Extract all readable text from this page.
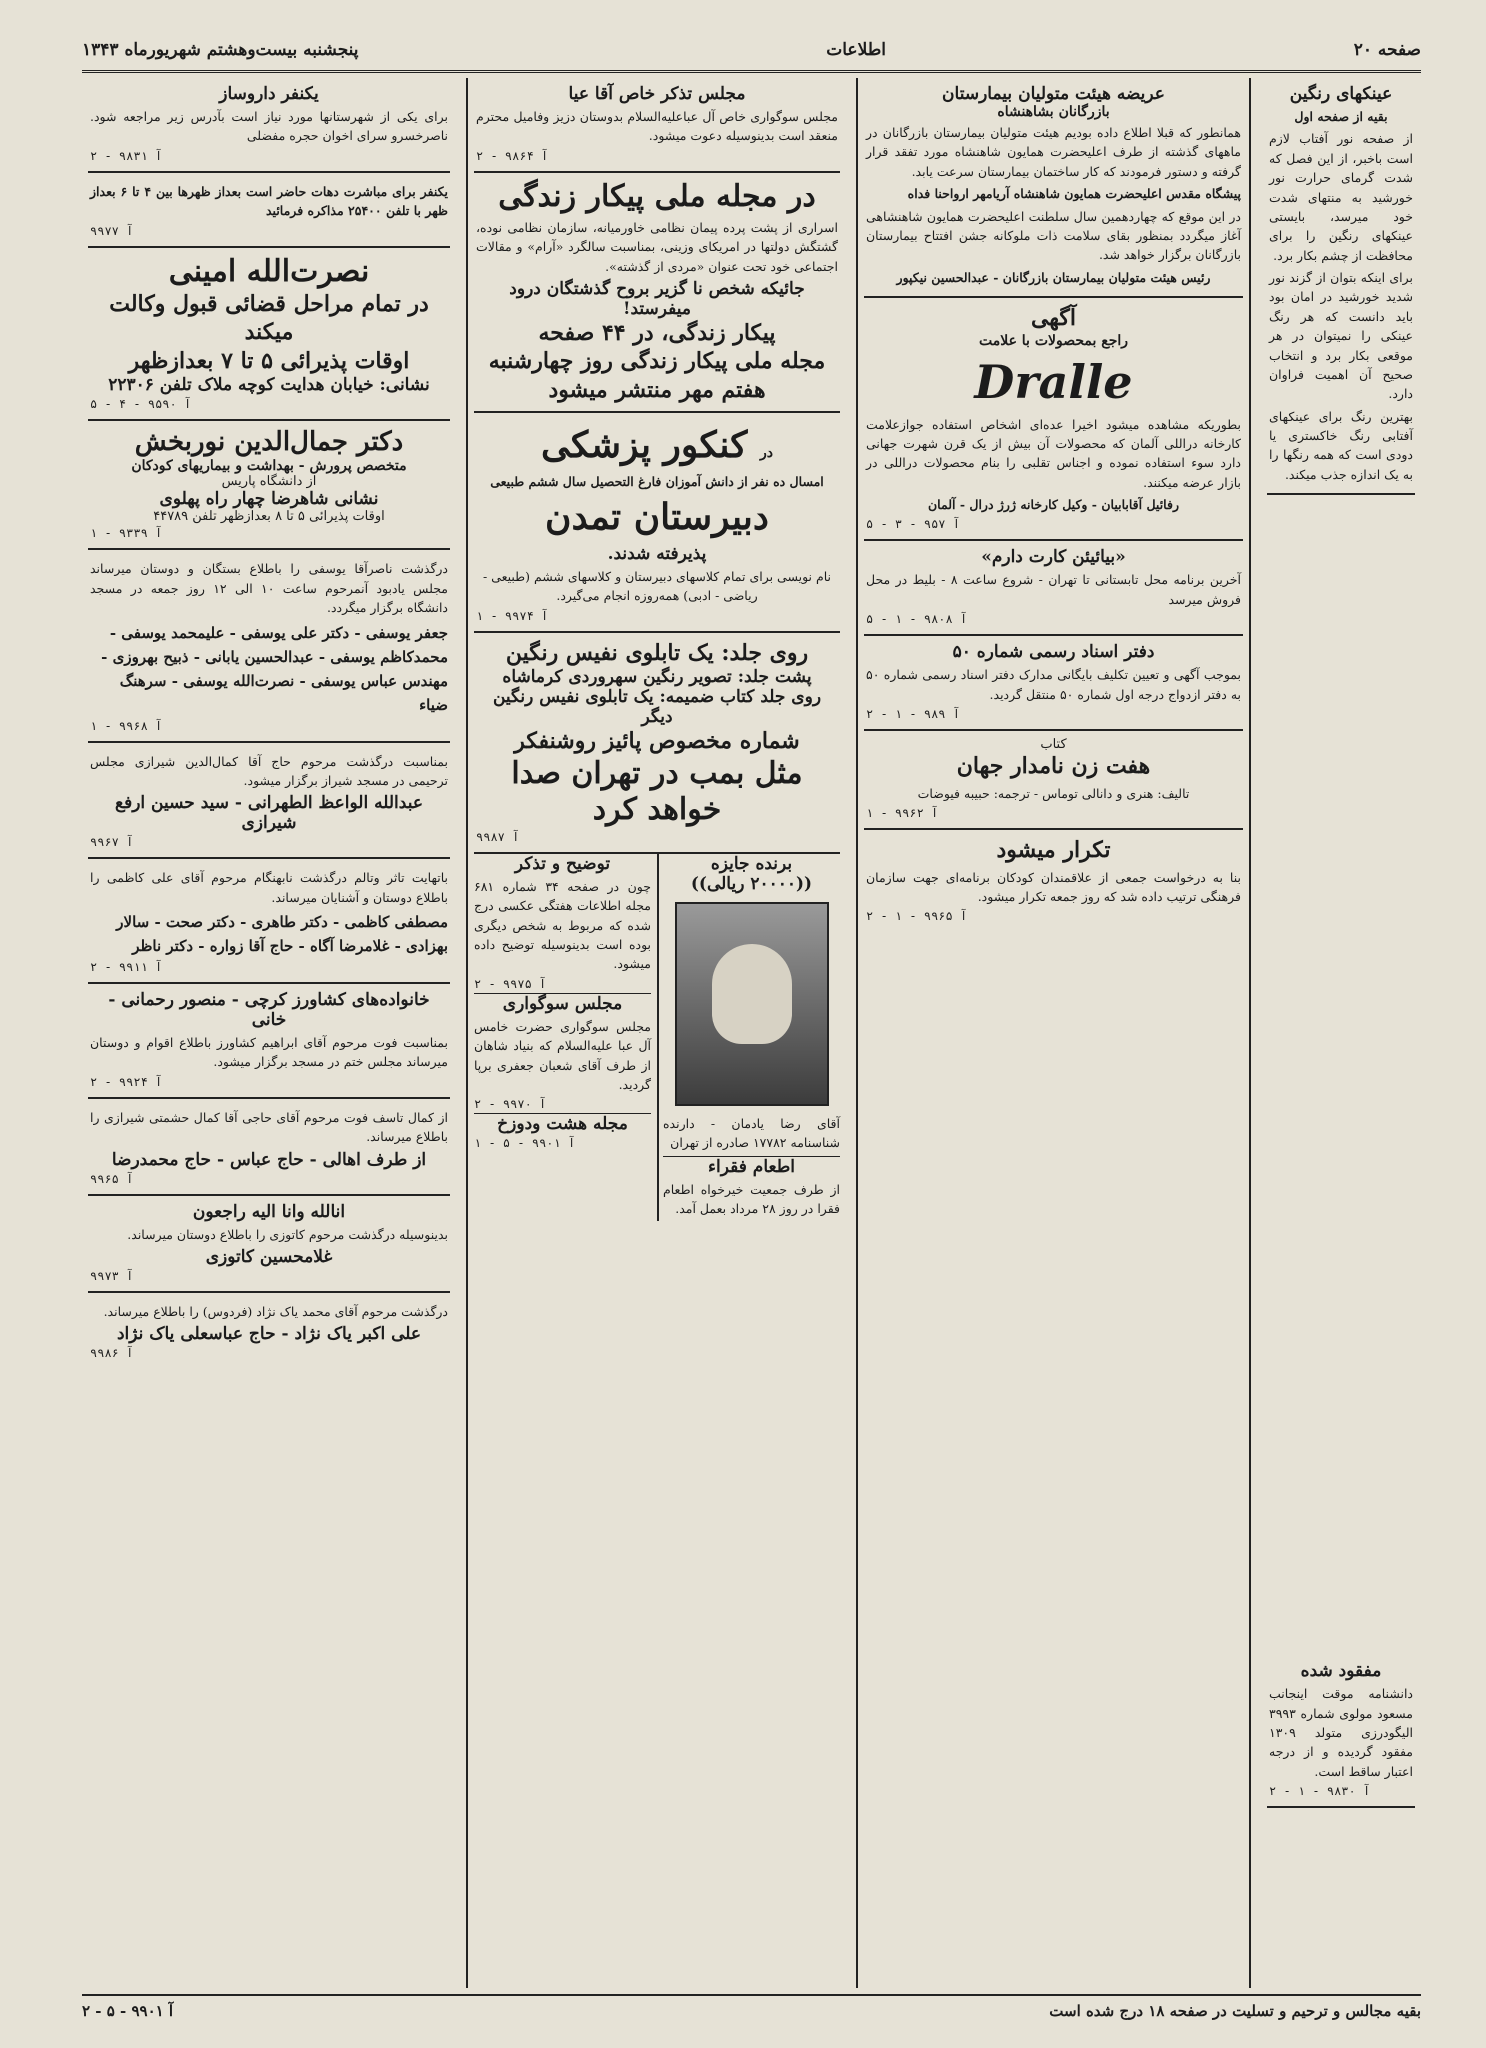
صفحه ۲۰
اطلاعات
پنجشنبه بیست‌وهشتم شهریورماه ۱۳۴۳
عینکهای رنگین
بقیه از صفحه اول

از صفحه نور آفتاب لازم است باخبر، از این فصل که شدت گرمای حرارت نور خورشید به منتهای شدت خود میرسد، بایستی عینکهای رنگین را برای محافظت از چشم بکار برد.

برای اینکه بتوان از گزند نور شدید خورشید در امان بود باید دانست که هر رنگ عینکی را نمیتوان در هر موقعی بکار برد و انتخاب صحیح آن اهمیت فراوان دارد.

بهترین رنگ برای عینکهای آفتابی رنگ خاکستری یا دودی است که همه رنگها را به یک اندازه جذب میکند.

مفقود شده

دانشنامه موقت اینجانب مسعود مولوی شماره ۳۹۹۳ الیگودرزی متولد ۱۳۰۹ مفقود گردیده و از درجه اعتبار ساقط است.

آ ۹۸۳۰ - ۱ - ۲
عریضه هیئت متولیان بیمارستان
بازرگانان بشاهنشاه

همانطور که قبلا اطلاع داده بودیم هیئت متولیان بیمارستان بازرگانان در ماههای گذشته از طرف اعلیحضرت همایون شاهنشاه مورد تفقد قرار گرفته و دستور فرمودند که کار ساختمان بیمارستان سرعت یابد.

پیشگاه مقدس اعلیحضرت همایون شاهنشاه آریامهر ارواحنا فداه

در این موقع که چهاردهمین سال سلطنت اعلیحضرت همایون شاهنشاهی آغاز میگردد بمنظور بقای سلامت ذات ملوکانه جشن افتتاح بیمارستان بازرگانان برگزار خواهد شد.

رئیس هیئت متولیان بیمارستان بازرگانان - عبدالحسین نیکپور

آگهی
راجع بمحصولات با علامت
Dralle

بطوریکه مشاهده میشود اخیرا عده‌ای اشخاص استفاده جوازعلامت کارخانه دراللی آلمان که محصولات آن بیش از یک قرن شهرت جهانی دارد سوء استفاده نموده و اجناس تقلبی را بنام محصولات دراللی در بازار عرضه میکنند.

رفائیل آقابابیان - وکیل کارخانه ژرژ درال - آلمان

آ ۹۵۷ - ۳ - ۵
«بیائیئن کارت دارم»

آخرین برنامه محل تابستانی تا تهران - شروع ساعت ۸ - بلیط در محل فروش میرسد

آ ۹۸۰۸ - ۱ - ۵
دفتر اسناد رسمی شماره ۵۰

بموجب آگهی و تعیین تکلیف بایگانی مدارک دفتر اسناد رسمی شماره ۵۰ به دفتر ازدواج درجه اول شماره ۵۰ منتقل گردید.

آ ۹۸۹ - ۱ - ۲
کتاب
هفت زن نامدار جهان

تالیف: هنری و دانالی توماس - ترجمه: حبیبه فیوضات

آ ۹۹۶۲ - ۱
تکرار میشود

بنا به درخواست جمعی از علاقمندان کودکان برنامه‌ای جهت سازمان فرهنگی ترتیب داده شد که روز جمعه تکرار میشود.

آ ۹۹۶۵ - ۱ - ۲
مجلس تذکر خاص آقا عیا

مجلس سوگواری خاص آل عباعلیه‌السلام بدوستان دزیز وفامیل محترم منعقد است بدینوسیله دعوت میشود.

آ ۹۸۶۴ - ۲
در مجله ملی پیکار زندگی

اسراری از پشت پرده پیمان نظامی خاورمیانه، سازمان نظامی نوده، گشتگش دولتها در امریکای وزینی، بمناسبت سالگرد «آرام» و مقالات اجتماعی خود تحت عنوان «مردی از گذشته».

جائیکه شخص نا گزیر بروح گذشتگان درود میفرستد!
پیکار زندگی، در ۴۴ صفحه
مجله ملی پیکار زندگی روز چهارشنبه هفتم مهر منتشر میشود
در کنکور پزشکی
امسال ده نفر از دانش آموزان فارغ التحصیل سال ششم طبیعی
دبیرستان تمدن
پذیرفته شدند.

نام نویسی برای تمام کلاسهای دبیرستان و کلاسهای ششم (طبیعی - ریاضی - ادبی) همه‌روزه انجام می‌گیرد.

آ ۹۹۷۴ - ۱
روی جلد: یک تابلوی نفیس رنگین
پشت جلد: تصویر رنگین سهروردی کرماشاه
روی جلد کتاب ضمیمه: یک تابلوی نفیس رنگین دیگر
شماره مخصوص پائیز روشنفکر
مثل بمب در تهران صدا خواهد کرد
آ ۹۹۸۷
برنده جایزه
((۲۰۰۰۰ ریالی))

آقای رضا یادمان - دارنده شناسنامه ۱۷۷۸۲ صادره از تهران

اطعام فقراء

از طرف جمعیت خیرخواه اطعام فقرا در روز ۲۸ مرداد بعمل آمد.

توضیح و تذکر

چون در صفحه ۳۴ شماره ۶۸۱ مجله اطلاعات هفتگی عکسی درج شده که مربوط به شخص دیگری بوده است بدینوسیله توضیح داده میشود.

آ ۹۹۷۵ - ۲
مجلس سوگواری

مجلس سوگواری حضرت خامس آل عبا علیه‌السلام که بنیاد شاهان از طرف آقای شعبان جعفری برپا گردید.

آ ۹۹۷۰ - ۲
مجله هشت ودوزخ
آ ۹۹۰۱ - ۵ - ۱
یکنفر داروساز

برای یکی از شهرستانها مورد نیاز است بآدرس زیر مراجعه شود. ناصرخسرو سرای اخوان حجره مفضلی

آ ۹۸۳۱ - ۲

یکنفر برای مباشرت دهات حاضر است بعداز ظهرها بین ۴ تا ۶ بعداز ظهر با تلفن ۲۵۴۰۰ مذاکره فرمائید

آ ۹۹۷۷
نصرت‌الله امینی
در تمام مراحل قضائی قبول وکالت میکند
اوقات پذیرائی ۵ تا ۷ بعدازظهر
نشانی: خیابان هدایت کوچه ملاک تلفن ۲۲۳۰۶
آ ۹۵۹۰ - ۴ - ۵
دکتر جمال‌الدین نوربخش
متخصص پرورش - بهداشت و بیماریهای کودکان
از دانشگاه پاریس
نشانی شاهرضا چهار راه پهلوی
اوقات پذیرائی ۵ تا ۸ بعدازظهر تلفن ۴۴۷۸۹
آ ۹۳۳۹ - ۱

درگذشت ناصرآقا یوسفی را باطلاع بستگان و دوستان میرساند مجلس یادبود آنمرحوم ساعت ۱۰ الی ۱۲ روز جمعه در مسجد دانشگاه برگزار میگردد.

جعفر یوسفی - دکتر علی یوسفی - علیمحمد یوسفی - محمدکاظم یوسفی - عبدالحسین یابانی - ذبیح بهروزی - مهندس عباس یوسفی - نصرت‌الله یوسفی - سرهنگ ضیاء
آ ۹۹۶۸ - ۱

بمناسبت درگذشت مرحوم حاج آقا کمال‌الدین شیرازی مجلس ترحیمی در مسجد شیراز برگزار میشود.

عبدالله الواعظ الطهرانی - سید حسین ارفع شیرازی
آ ۹۹۶۷

باتهایت تاثر وتالم درگذشت نابهنگام مرحوم آقای علی کاظمی را باطلاع دوستان و آشنایان میرساند.

مصطفی کاظمی - دکتر طاهری - دکتر صحت - سالار بهزادی - غلامرضا آگاه - حاج آقا زواره - دکتر ناظر
آ ۹۹۱۱ - ۲
خانواده‌های کشاورز کرچی - منصور رحمانی - خانی

بمناسبت فوت مرحوم آقای ابراهیم کشاورز باطلاع اقوام و دوستان میرساند مجلس ختم در مسجد برگزار میشود.

آ ۹۹۲۴ - ۲

از کمال تاسف فوت مرحوم آقای حاجی آقا کمال حشمتی شیرازی را باطلاع میرساند.

از طرف اهالی - حاج عباس - حاج محمدرضا
آ ۹۹۶۵
انالله وانا الیه راجعون

بدینوسیله درگذشت مرحوم کاتوزی را باطلاع دوستان میرساند.

غلامحسین کاتوزی
آ ۹۹۷۳

درگذشت مرحوم آقای محمد یاک نژاد (فردوس) را باطلاع میرساند.

علی اکبر یاک نژاد - حاج عباسعلی یاک نژاد
آ ۹۹۸۶
بقیه مجالس و ترحیم و تسلیت در صفحه ۱۸ درج شده است
آ ۹۹۰۱ - ۵ - ۲
